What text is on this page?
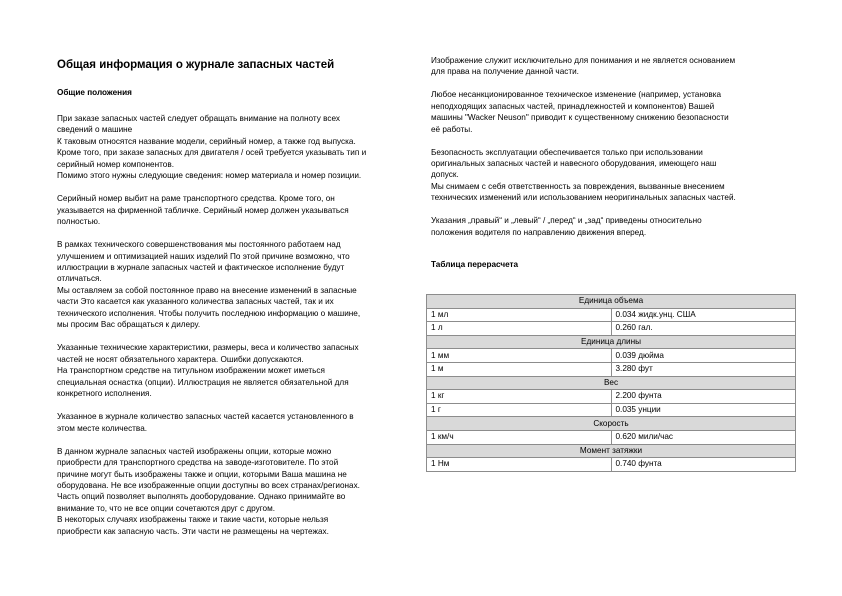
Общая информация о журнале запасных частей
Общие положения

При заказе запасных частей следует обращать внимание на полноту всех
сведений о машине
К таковым относятся название модели, серийный номер, а также год выпуска.
Кроме того, при заказе запасных для двигателя / осей требуется указывать тип и
серийный номер компонентов.
Помимо этого нужны следующие сведения: номер материала и номер позиции.

Серийный номер выбит на раме транспортного средства. Кроме того, он
указывается на фирменной табличке. Серийный номер должен указываться
полностью.

В рамках технического совершенствования мы постоянного работаем над
улучшением и оптимизацией наших изделий По этой причине возможно, что
иллюстрации в журнале запасных частей и фактическое исполнение будут
отличаться.
Мы оставляем за собой постоянное право на внесение изменений в запасные
части Это касается как указанного количества запасных частей, так и их
технического исполнения. Чтобы получить последнюю информацию о машине,
мы просим Вас обращаться к дилеру.

Указанные технические характеристики, размеры, веса и количество запасных
частей не носят обязательного характера. Ошибки допускаются.
На транспортном средстве на титульном изображении может иметься
специальная оснастка (опции). Иллюстрация не является обязательной для
конкретного исполнения.

Указанное в журнале количество запасных частей касается установленного в
этом месте количества.

В данном журнале запасных частей изображены опции, которые можно
приобрести для транспортного средства на заводе-изготовителе. По этой
причине могут быть изображены также и опции, которыми Ваша машина не
оборудована. Не все изображенные опции доступны во всех странах/регионах.
Часть опций позволяет выполнять дооборудование. Однако принимайте во
внимание то, что не все опции сочетаются друг с другом.
В некоторых случаях изображены также и такие части, которые нельзя
приобрести как запасную часть. Эти части не размещены на чертежах.

Изображение служит исключительно для понимания и не является основанием
для права на получение данной части.

Любое несанкционированное техническое изменение (например, установка
неподходящих запасных частей, принадлежностей и компонентов) Вашей
машины "Wacker Neuson" приводит к существенному снижению безопасности
её работы.

Безопасность эксплуатации обеспечивается только при использовании
оригинальных запасных частей и навесного оборудования, имеющего наш
допуск.
Мы снимаем с себя ответственность за повреждения, вызванные внесением
технических изменений или использованием неоригинальных запасных частей.

Указания „правый“ и „левый“ / „перед“ и „зад“ приведены относительно
положения водителя по направлению движения вперед.

Таблица перерасчета

Единица объема	
1 мл	0.034 жидк.унц. США
1 л	0.260 гал.
Единица длины	
1 мм	0.039 дюйма
1 м	3.280 фут
Вес	
1 кг	2.200 фунта
1 г	0.035 унции
Скорость	
1 км/ч	0.620 мили/час
Момент затяжки	
1 Нм	0.740 фунта
